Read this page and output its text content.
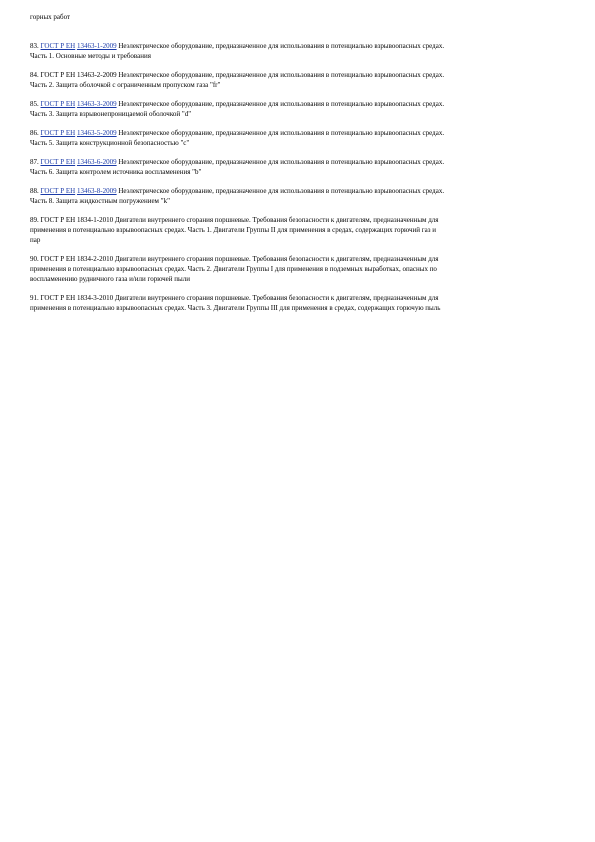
горных работ

83. ГОСТ Р ЕН 13463-1-2009 Неэлектрическое оборудование, предназначенное для использования в потенциально взрывоопасных средах.

Часть 1. Основные методы и требования

84. ГОСТ Р ЕН 13463-2-2009 Неэлектрическое оборудование, предназначенное для использования в потенциально взрывоопасных средах.

Часть 2. Защита оболочкой с ограниченным пропуском газа "fr"

85. ГОСТ Р ЕН 13463-3-2009 Неэлектрическое оборудование, предназначенное для использования в потенциально взрывоопасных средах.

Часть 3. Защита взрывонепроницаемой оболочкой "d"

86. ГОСТ Р ЕН 13463-5-2009 Неэлектрическое оборудование, предназначенное для использования в потенциально взрывоопасных средах.

Часть 5. Защита конструкционной безопасностью "c"

87. ГОСТ Р ЕН 13463-6-2009 Неэлектрическое оборудование, предназначенное для использования в потенциально взрывоопасных средах.

Часть 6. Защита контролем источника воспламенения "b"

88. ГОСТ Р ЕН 13463-8-2009 Неэлектрическое оборудование, предназначенное для использования в потенциально взрывоопасных средах.

Часть 8. Защита жидкостным погружением "k"

89. ГОСТ Р ЕН 1834-1-2010 Двигатели внутреннего сгорания поршневые. Требования безопасности к двигателям, предназначенным для

применения в потенциально взрывоопасных средах. Часть 1. Двигатели Группы II для применения в средах, содержащих горючий газ и

пар

90. ГОСТ Р ЕН 1834-2-2010 Двигатели внутреннего сгорания поршневые. Требования безопасности к двигателям, предназначенным для

применения в потенциально взрывоопасных средах. Часть 2. Двигатели Группы I для применения в подземных выработках, опасных по

воспламенению рудничного газа и/или горючей пыли

91. ГОСТ Р ЕН 1834-3-2010 Двигатели внутреннего сгорания поршневые. Требования безопасности к двигателям, предназначенным для

применения в потенциально взрывоопасных средах. Часть 3. Двигатели Группы III для применения в средах, содержащих горючую пыль
